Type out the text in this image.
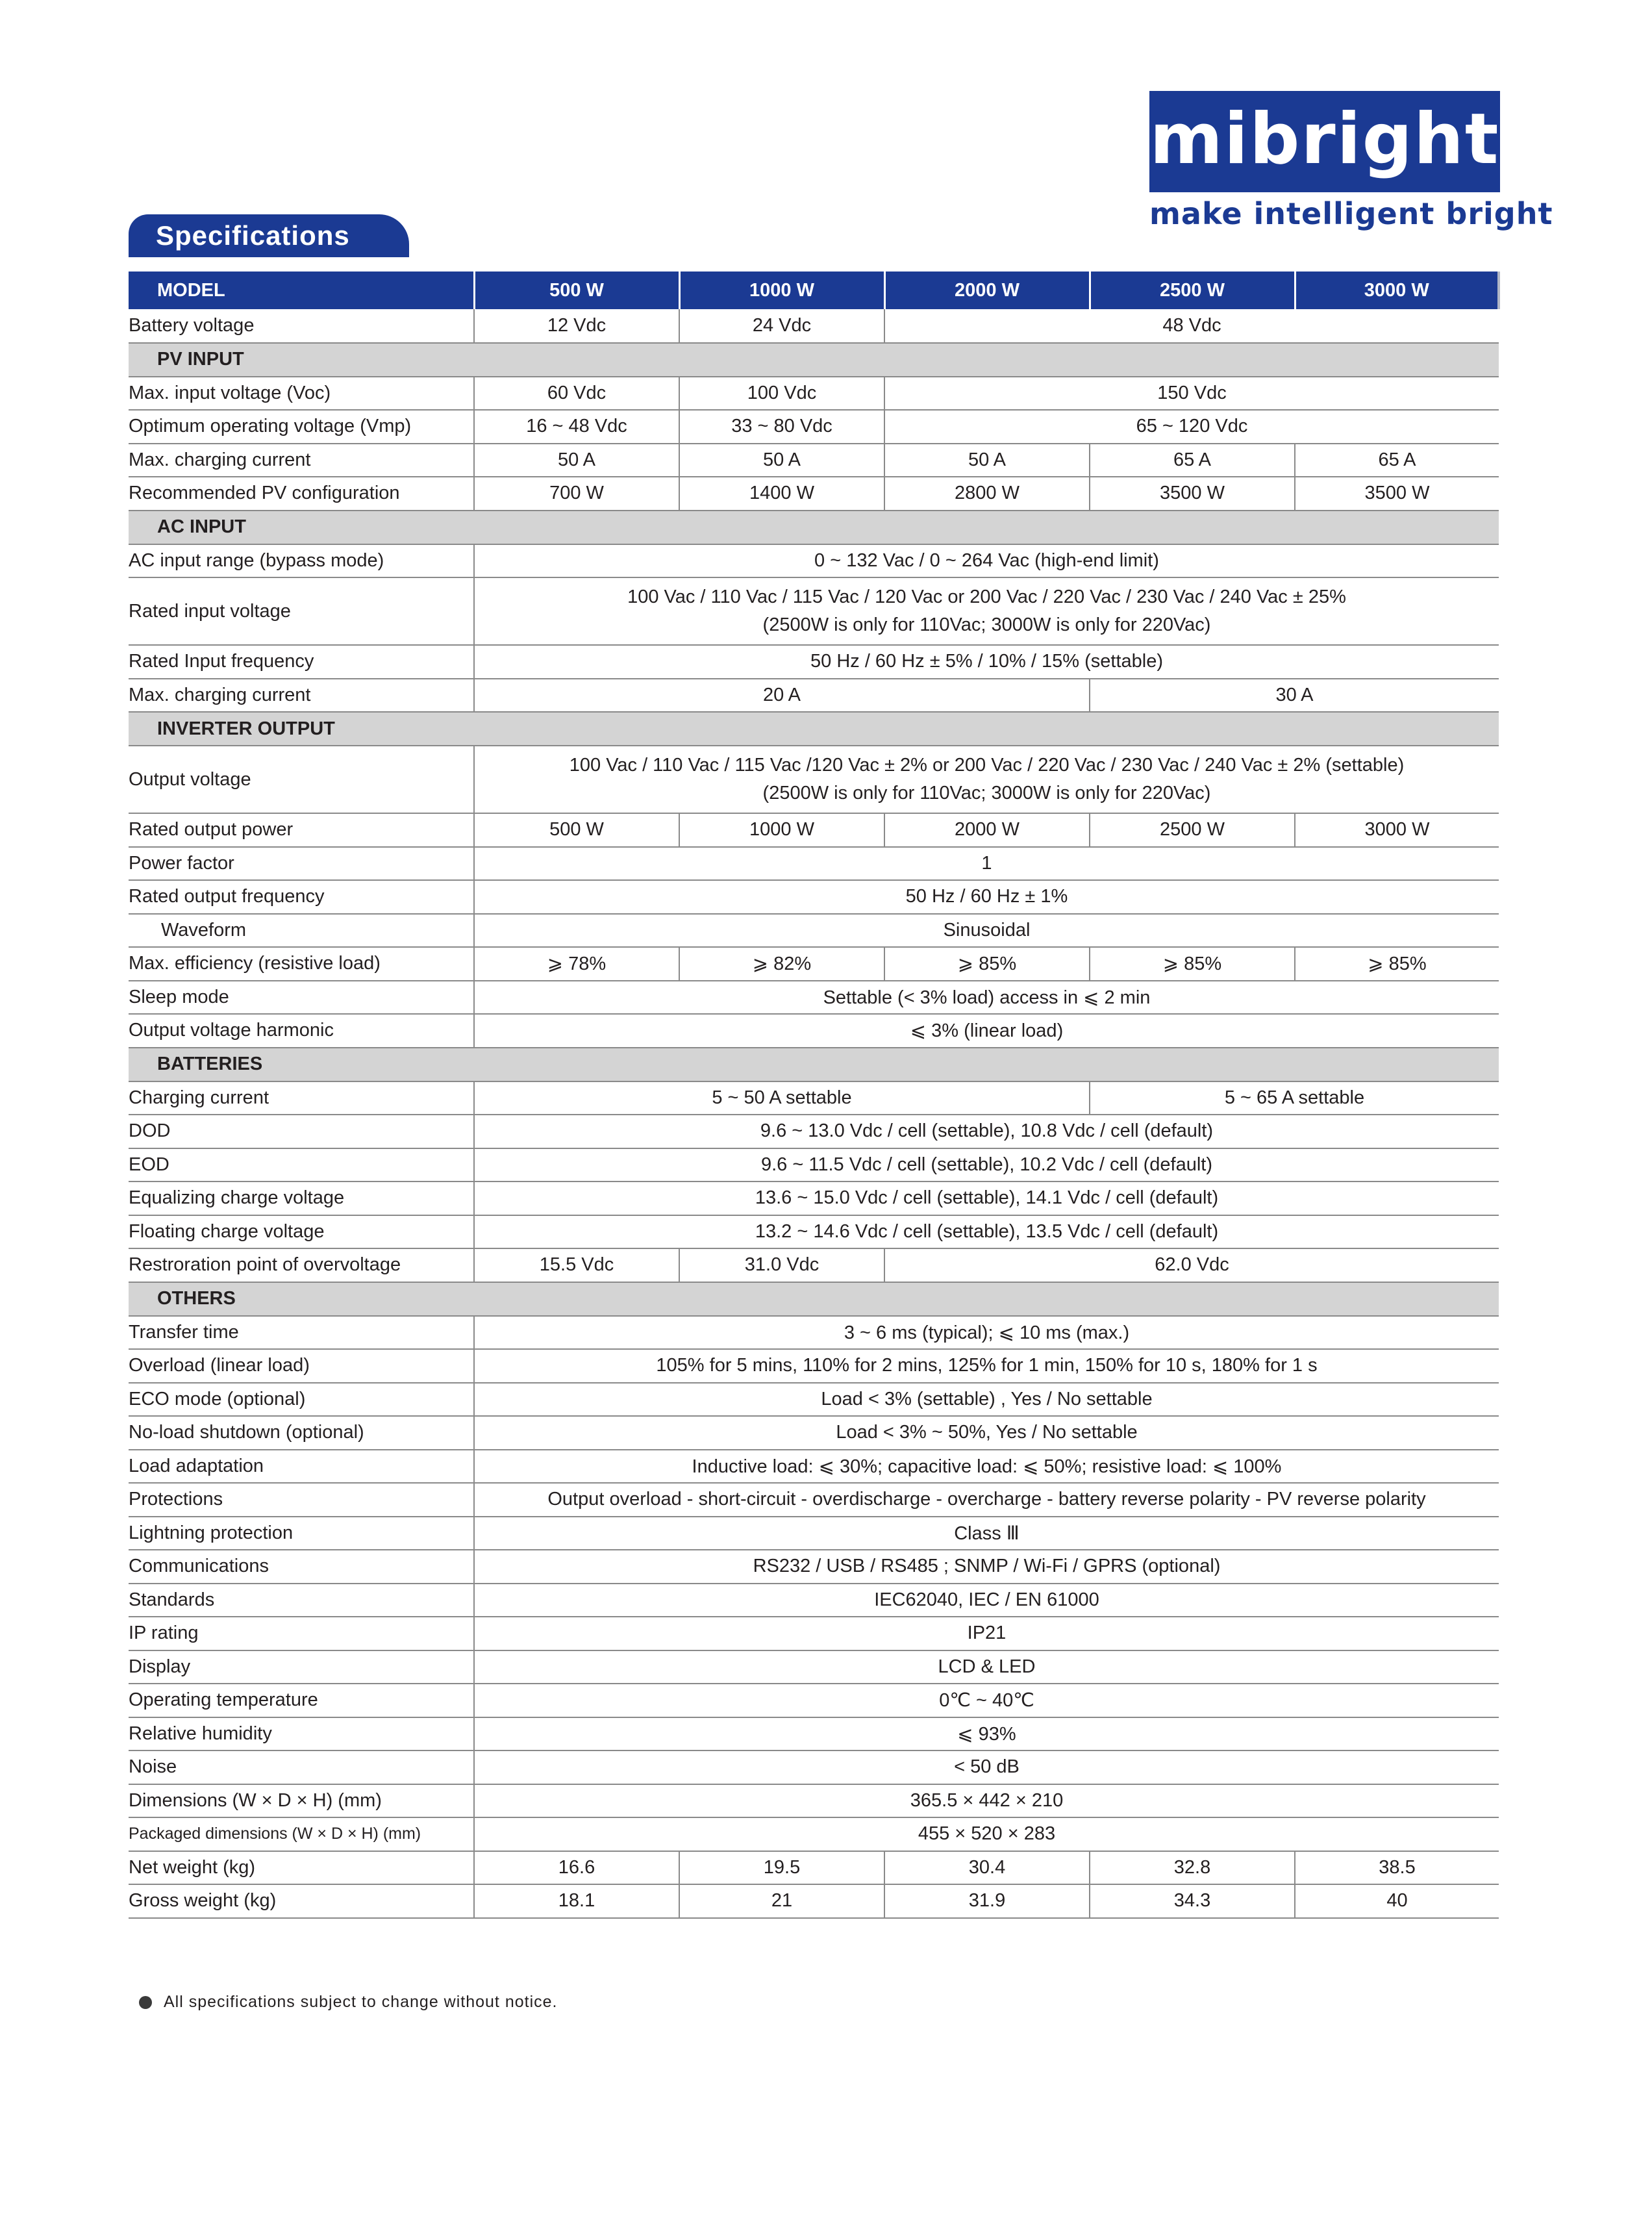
mibright
make intelligent bright
Specifications
MODEL	500 W	1000 W	2000 W	2500 W	3000 W
Battery voltage	12 Vdc	24 Vdc	48 Vdc		
PV INPUT					
Max. input voltage (Voc)	60 Vdc	100 Vdc	150 Vdc		
Optimum operating voltage (Vmp)	16 ~ 48 Vdc	33 ~ 80 Vdc	65 ~ 120 Vdc		
Max. charging current	50 A	50 A	50 A	65 A	65 A
Recommended PV configuration	700 W	1400 W	2800 W	3500 W	3500 W
AC INPUT					
AC input range (bypass mode)	0 ~ 132 Vac / 0 ~ 264 Vac (high-end limit)				
Rated input voltage	100 Vac / 110 Vac / 115 Vac / 120 Vac or 200 Vac / 220 Vac / 230 Vac / 240 Vac ± 25%
(2500W is only for 110Vac; 3000W is only for 220Vac)				

Rated Input frequency	50 Hz / 60 Hz ± 5% / 10% / 15% (settable)				
Max. charging current	20 A			30 A	
INVERTER OUTPUT					
Output voltage	100 Vac / 110 Vac / 115 Vac /120 Vac ± 2% or 200 Vac / 220 Vac / 230 Vac / 240 Vac ± 2% (settable)
(2500W is only for 110Vac; 3000W is only for 220Vac)				

Rated output power	500 W	1000 W	2000 W	2500 W	3000 W
Power factor	1				
Rated output frequency	50 Hz / 60 Hz ± 1%				
Waveform	Sinusoidal				
Max. efficiency (resistive load)	⩾ 78%	⩾ 82%	⩾ 85%	⩾ 85%	⩾ 85%
Sleep mode	Settable (< 3% load) access in ⩽ 2 min				
Output voltage harmonic	⩽ 3% (linear load)				
BATTERIES					
Charging current	5 ~ 50 A settable			5 ~ 65 A settable	
DOD	9.6 ~ 13.0 Vdc / cell (settable), 10.8 Vdc / cell (default)				
EOD	9.6 ~ 11.5 Vdc / cell (settable), 10.2 Vdc / cell (default)				
Equalizing charge voltage	13.6 ~ 15.0 Vdc / cell (settable), 14.1 Vdc / cell (default)				
Floating charge voltage	13.2 ~ 14.6 Vdc / cell (settable), 13.5 Vdc / cell (default)				
Restroration point of overvoltage	15.5 Vdc	31.0 Vdc	62.0 Vdc		
OTHERS					
Transfer time	3 ~ 6 ms (typical); ⩽ 10 ms (max.)				
Overload (linear load)	105% for 5 mins, 110% for 2 mins, 125% for 1 min, 150% for 10 s, 180% for 1 s				
ECO mode (optional)	Load < 3% (settable) , Yes / No settable				
No-load shutdown (optional)	Load < 3% ~ 50%, Yes / No settable				
Load adaptation	Inductive load: ⩽ 30%; capacitive load: ⩽ 50%; resistive load: ⩽ 100%				
Protections	Output overload - short-circuit - overdischarge - overcharge - battery reverse polarity - PV reverse polarity				
Lightning protection	Class Ⅲ				
Communications	RS232 / USB / RS485 ; SNMP / Wi-Fi / GPRS (optional)				
Standards	IEC62040, IEC / EN 61000				
IP rating	IP21				
Display	LCD & LED				
Operating temperature	0℃ ~ 40℃				
Relative humidity	⩽ 93%				
Noise	< 50 dB				
Dimensions (W × D × H) (mm)	365.5 × 442 × 210				
Packaged dimensions (W × D × H) (mm)	455 × 520 × 283				
Net weight (kg)	16.6	19.5	30.4	32.8	38.5
Gross weight (kg)	18.1	21	31.9	34.3	40
All specifications subject to change without notice.
